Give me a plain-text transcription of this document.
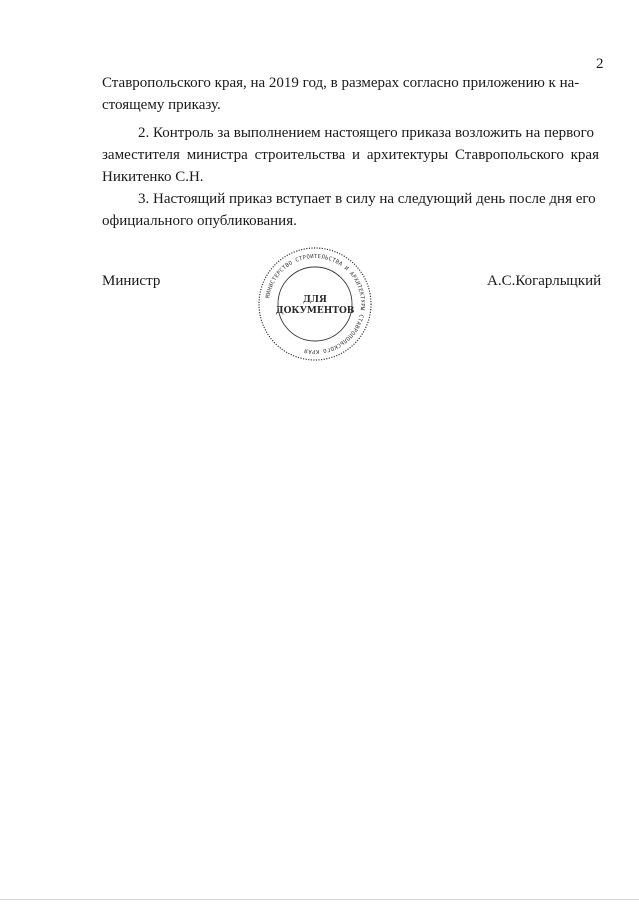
2
Ставропольского края, на 2019 год, в размерах согласно приложению к на-
стоящему приказу.
2. Контроль за выполнением настоящего приказа возложить на первого
заместителя министра строительства и архитектуры Ставропольского края
Никитенко С.Н.
3. Настоящий приказ вступает в силу на следующий день после дня его
официального опубликования.
Министр	А.С.Когарлыцкий
МИНИСТЕРСТВО СТРОИТЕЛЬСТВА И АРХИТЕКТУРЫ СТАВРОПОЛЬСКОГО КРАЯ
ДЛЯ
ДОКУМЕНТОВ
